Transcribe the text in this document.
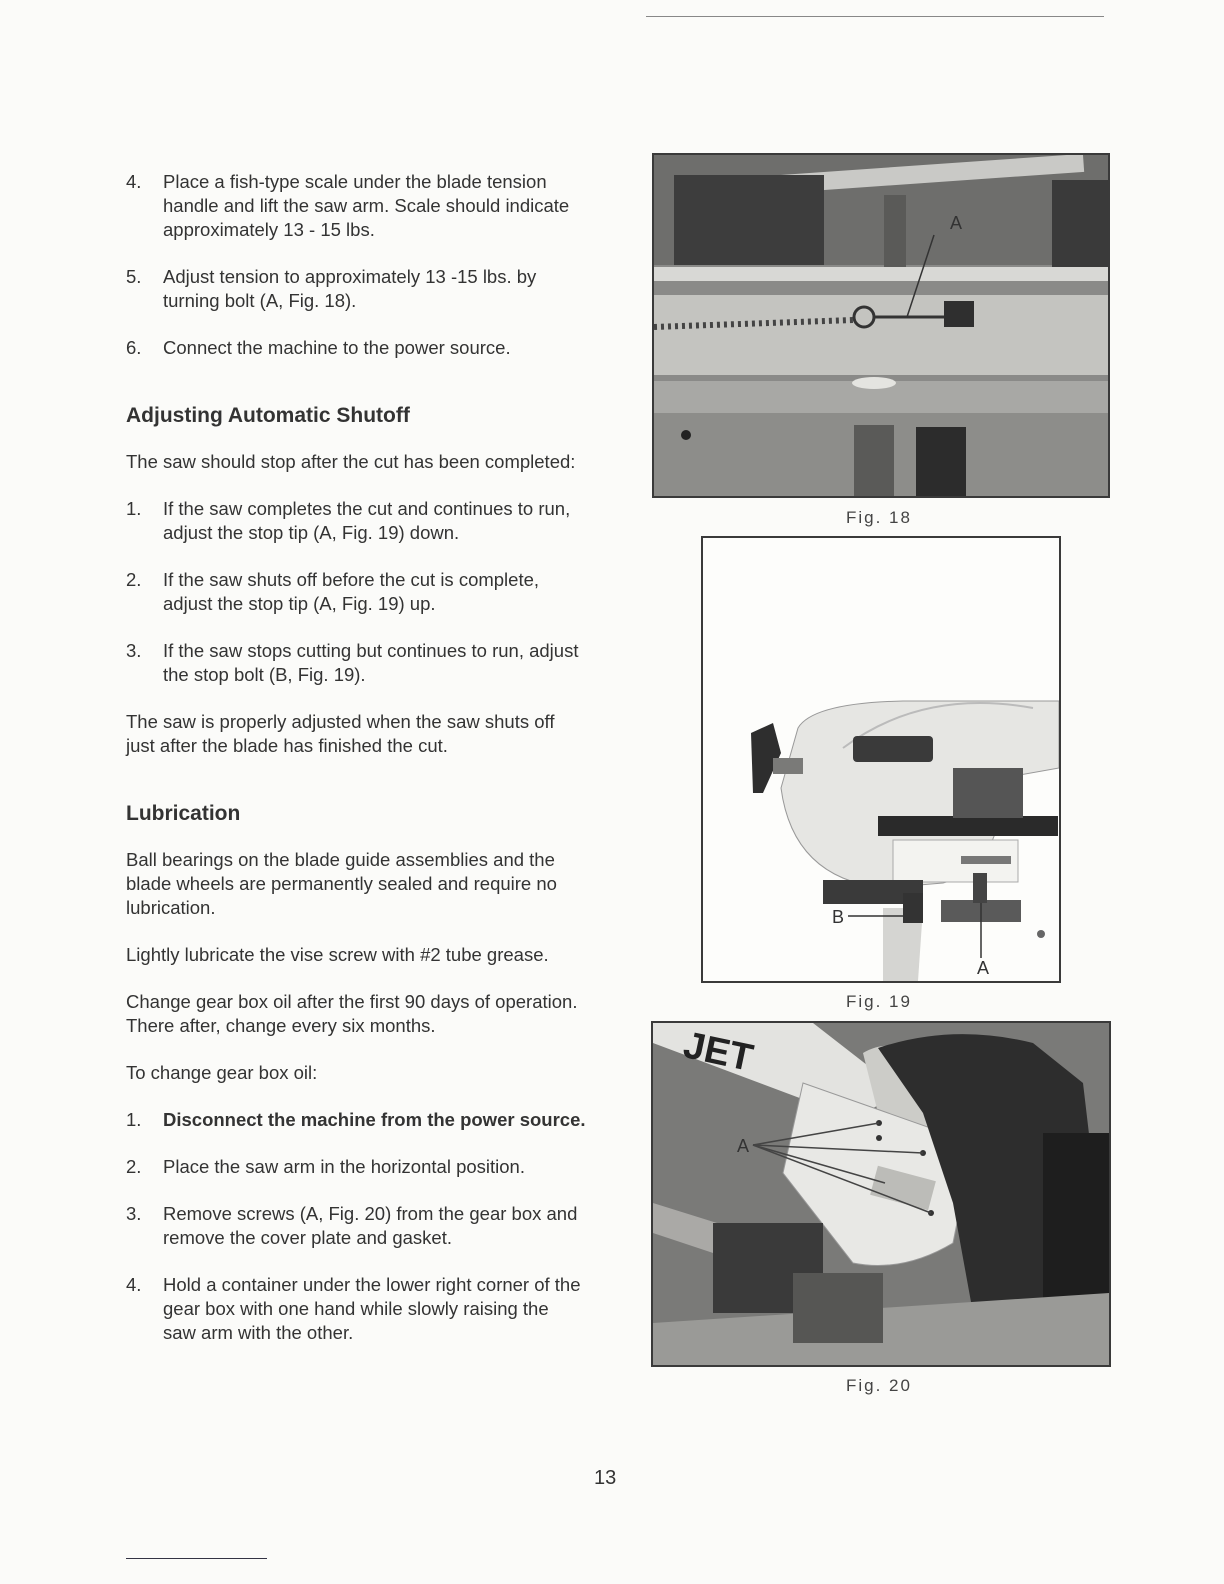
4. Place a fish-type scale under the blade tension handle and lift the saw arm. Scale should indicate approximately 13 - 15 lbs.
5. Adjust tension to approximately 13 -15 lbs. by turning bolt (A, Fig. 18).
6. Connect the machine to the power source.
Adjusting Automatic Shutoff

The saw should stop after the cut has been completed:

1. If the saw completes the cut and continues to run, adjust the stop tip (A, Fig. 19) down.
2. If the saw shuts off before the cut is complete, adjust the stop tip (A, Fig. 19) up.
3. If the saw stops cutting but continues to run, adjust the stop bolt (B, Fig. 19).

The saw is properly adjusted when the saw shuts off just after the blade has finished the cut.

Lubrication

Ball bearings on the blade guide assemblies and the blade wheels are permanently sealed and require no lubrication.

Lightly lubricate the vise screw with #2 tube grease.

Change gear box oil after the first 90 days of operation. There after, change every six months.

To change gear box oil:

1. Disconnect the machine from the power source.
2. Place the saw arm in the horizontal position.
3. Remove screws (A, Fig. 20) from the gear box and remove the cover plate and gasket.
4. Hold a container under the lower right corner of the gear box with one hand while slowly raising the saw arm with the other.
A
Fig. 18
B
A
Fig. 19
JET
A
Fig. 20
13
